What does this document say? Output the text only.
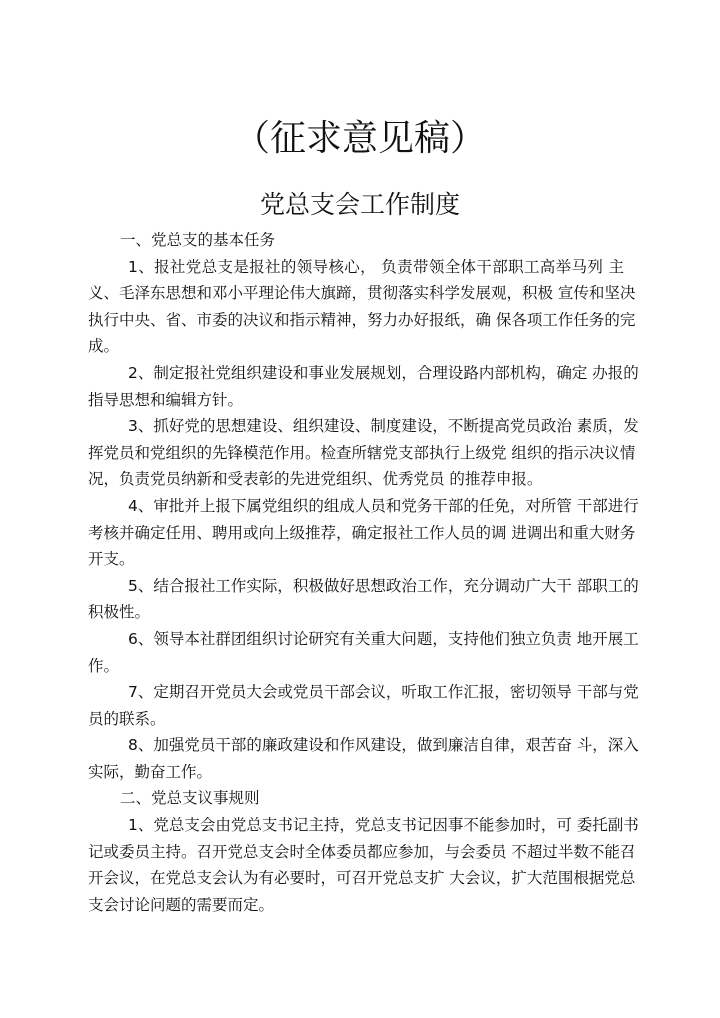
（征求意见稿）
党总支会工作制度
一、党总支的基本任务
1、报社党总支是报社的领导核心， 负责带领全体干部职工高举马列 主
义、毛泽东思想和邓小平理论伟大旗蹄，贯彻落实科学发展观，积极 宣传和坚决
执行中央、省、市委的决议和指示精神，努力办好报纸，确 保各项工作任务的完
成。
2、制定报社党组织建设和事业发展规划，合理设路内部机构，确定 办报的
指导思想和编辑方针。
3、抓好党的思想建设、组织建设、制度建设，不断提高党员政治 素质，发
挥党员和党组织的先锋模范作用。检查所辖党支部执行上级党 组织的指示决议情
况，负责党员纳新和受表彰的先进党组织、优秀党员 的推荐申报。
4、审批并上报下属党组织的组成人员和党务干部的任免，对所管 干部进行
考核并确定任用、聘用或向上级推荐，确定报社工作人员的调 进调出和重大财务
开支。
5、结合报社工作实际，积极做好思想政治工作，充分调动广大干 部职工的
积极性。
6、领导本社群团组织讨论研究有关重大问题，支持他们独立负责 地开展工
作。
7、定期召开党员大会或党员干部会议，听取工作汇报，密切领导 干部与党
员的联系。
8、加强党员干部的廉政建设和作风建设，做到廉洁自律，艰苦奋 斗，深入
实际，勤奋工作。
二、党总支议事规则
1、党总支会由党总支书记主持，党总支书记因事不能参加时，可 委托副书
记或委员主持。召开党总支会时全体委员都应参加，与会委员 不超过半数不能召
开会议，在党总支会认为有必要时，可召开党总支扩 大会议，扩大范围根据党总
支会讨论问题的需要而定。
